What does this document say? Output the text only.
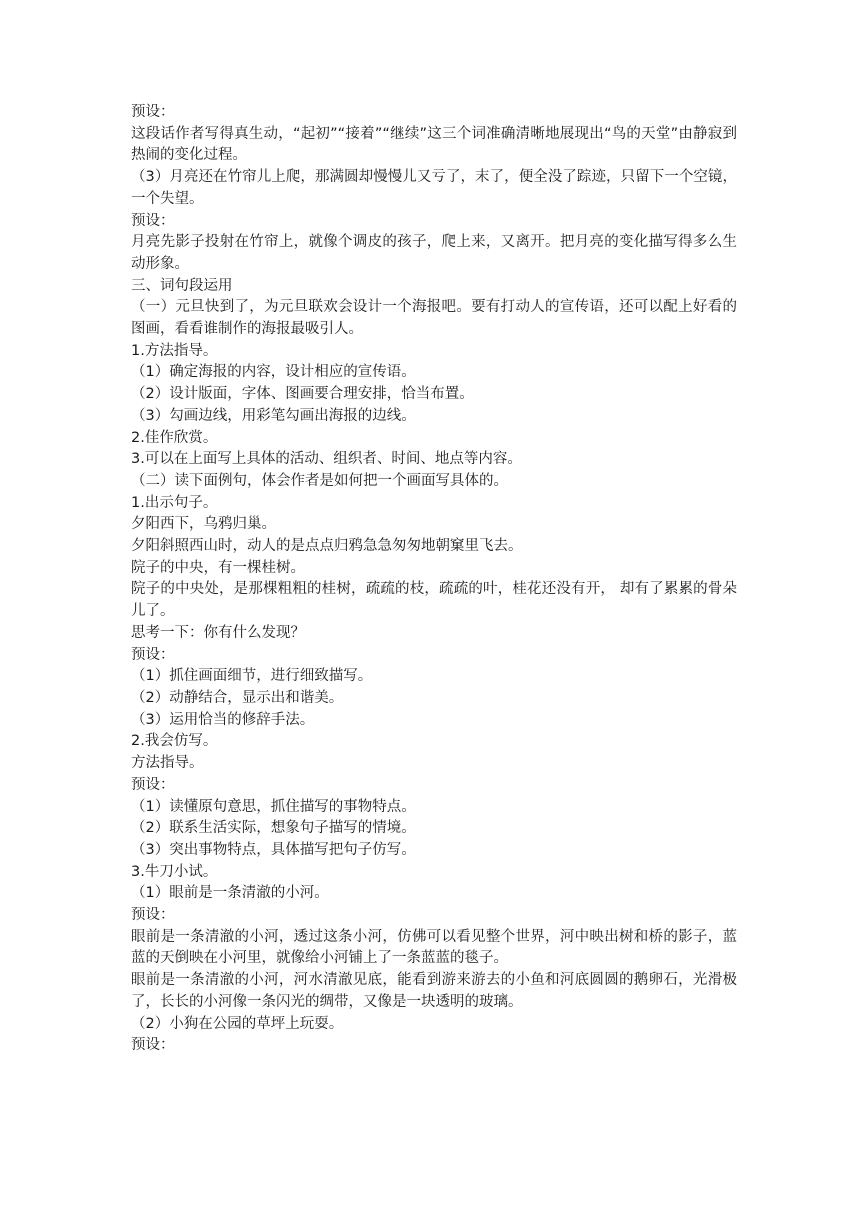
预设：

这段话作者写得真生动，“起初”“接着”“继续”这三个词准确清晰地展现出“鸟的天堂”由静寂到热闹的变化过程。

（3）月亮还在竹帘儿上爬，那满圆却慢慢儿又亏了，末了，便全没了踪迹，只留下一个空镜，一个失望。

预设：

月亮先影子投射在竹帘上，就像个调皮的孩子，爬上来，又离开。把月亮的变化描写得多么生动形象。

三、词句段运用

（一）元旦快到了，为元旦联欢会设计一个海报吧。要有打动人的宣传语，还可以配上好看的图画，看看谁制作的海报最吸引人。

1.方法指导。

（1）确定海报的内容，设计相应的宣传语。

（2）设计版面，字体、图画要合理安排，恰当布置。

（3）勾画边线，用彩笔勾画出海报的边线。

2.佳作欣赏。

3.可以在上面写上具体的活动、组织者、时间、地点等内容。

（二）读下面例句，体会作者是如何把一个画面写具体的。

1.出示句子。

夕阳西下，乌鸦归巢。

夕阳斜照西山时，动人的是点点归鸦急急匆匆地朝窠里飞去。

院子的中央，有一棵桂树。

院子的中央处，是那棵粗粗的桂树，疏疏的枝，疏疏的叶，桂花还没有开， 却有了累累的骨朵儿了。

思考一下：你有什么发现？

预设：

（1）抓住画面细节，进行细致描写。

（2）动静结合，显示出和谐美。

（3）运用恰当的修辞手法。

2.我会仿写。

方法指导。

预设：

（1）读懂原句意思，抓住描写的事物特点。

（2）联系生活实际，想象句子描写的情境。

（3）突出事物特点，具体描写把句子仿写。

3.牛刀小试。

（1）眼前是一条清澈的小河。

预设：

眼前是一条清澈的小河，透过这条小河，仿佛可以看见整个世界，河中映出树和桥的影子，蓝蓝的天倒映在小河里，就像给小河铺上了一条蓝蓝的毯子。

眼前是一条清澈的小河，河水清澈见底，能看到游来游去的小鱼和河底圆圆的鹅卵石，光滑极了，长长的小河像一条闪光的绸带，又像是一块透明的玻璃。

（2）小狗在公园的草坪上玩耍。

预设：
